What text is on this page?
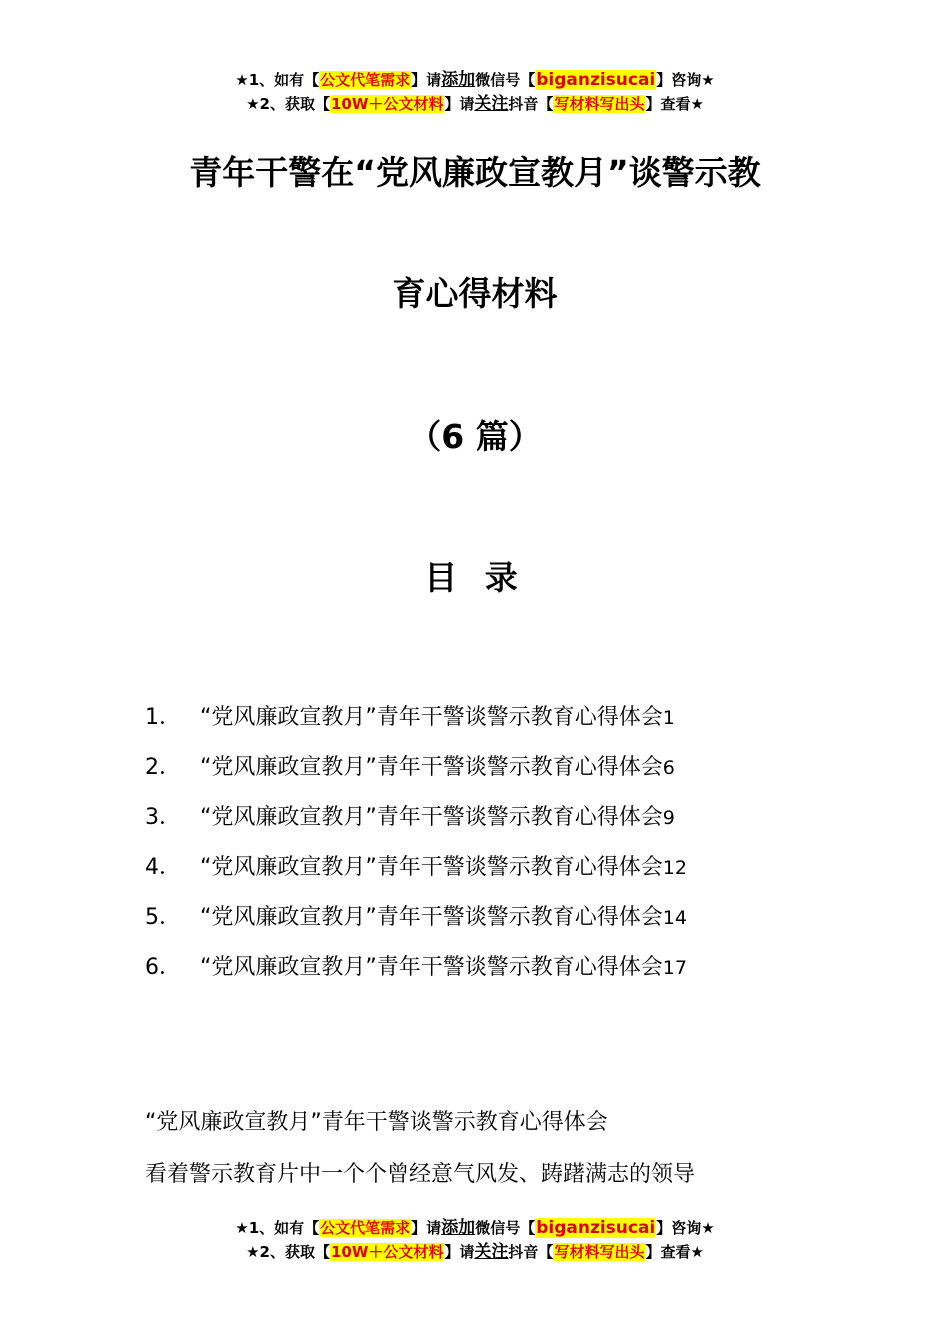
★1、如有【公文代笔需求】请添加微信号【biganzisucai】咨询★
★2、获取【10W＋公文材料】请关注抖音【写材料写出头】查看★
青年干警在“党风廉政宣教月”谈警示教
育心得材料
（6 篇）
目 录
1． “党风廉政宣教月”青年干警谈警示教育心得体会1
2． “党风廉政宣教月”青年干警谈警示教育心得体会6
3． “党风廉政宣教月”青年干警谈警示教育心得体会9
4． “党风廉政宣教月”青年干警谈警示教育心得体会12
5． “党风廉政宣教月”青年干警谈警示教育心得体会14
6． “党风廉政宣教月”青年干警谈警示教育心得体会17
“党风廉政宣教月”青年干警谈警示教育心得体会
看着警示教育片中一个个曾经意气风发、踌躇满志的领导
★1、如有【公文代笔需求】请添加微信号【biganzisucai】咨询★
★2、获取【10W＋公文材料】请关注抖音【写材料写出头】查看★
